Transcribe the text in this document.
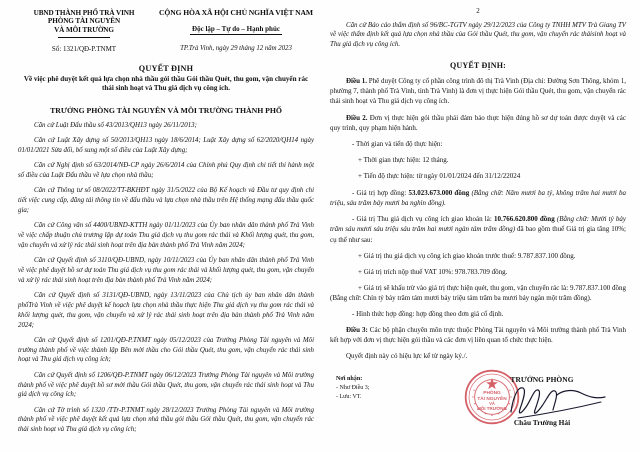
UBND THÀNH PHỐ TRÀ VINH
PHÒNG TÀI NGUYÊN
VÀ MÔI TRƯỜNG
CỘNG HÒA XÃ HỘI CHỦ NGHĨA VIỆT NAM
Độc lập – Tự do – Hạnh phúc
Số: 1321/QĐ-P.TNMT	TP.Trà Vinh, ngày 29 tháng 12 năm 2023
QUYẾT ĐỊNH
Về việc phê duyệt kết quả lựa chọn nhà thầu gói thầu Gói thầu Quét, thu gom, vận chuyển rác thải sinh hoạt và Thu giá dịch vụ công ích.
TRƯỞNG PHÒNG TÀI NGUYÊN VÀ MÔI TRƯỜNG THÀNH PHỐ
Căn cứ Luật Đấu thầu số 43/2013/QH13 ngày 26/11/2013;
Căn cứ Luật Xây dựng số 50/2013/QH13 ngày 18/6/2014; Luật Xây dựng số 62/2020/QH14 ngày 01/01/2021 Sửa đổi, bổ sung một số điều của Luật Xây dựng;
Căn cứ Nghị định số 63/2014/NĐ-CP ngày 26/6/2014 của Chính phủ Quy định chi tiết thi hành một số điều của Luật Đấu thầu về lựa chọn nhà thầu;
Căn cứ Thông tư số 08/2022/TT-BKHĐT ngày 31/5/2022 của Bộ Kế hoạch và Đầu tư quy định chi tiết việc cung cấp, đăng tải thông tin về đấu thầu và lựa chọn nhà thầu trên Hệ thống mạng đấu thầu quốc gia;
Căn cứ Công văn số 4400/UBND-KTTH ngày 01/11/2023 của Ủy ban nhân dân thành phố Trà Vinh về việc chấp thuận chủ trương lập dự toán Thu giá dịch vụ thu gom rác thải và Khối lượng quét, thu gom, vận chuyển và xử lý rác thải sinh hoạt trên địa bàn thành phố Trà Vinh năm 2024;
Căn cứ Quyết định số 3110/QĐ-UBND, ngày 10/11/2023 của Ủy ban nhân dân thành phố Trà Vinh về việc phê duyệt hồ sơ dự toán Thu giá dịch vụ thu gom rác thải và khối lượng quét, thu gom, vận chuyển và xử lý rác thải sinh hoạt trên địa bàn thành phố Trà Vinh năm 2024;
Căn cứ Quyết định số 3131/QĐ-UBND, ngày 13/11/2023 của Chủ tịch ủy ban nhân dân thành phốTrà Vinh về việc phê duyệt kế hoạch lựa chọn nhà thầu thực hiện Thu giá dịch vụ thu gom rác thải và khối lượng quét, thu gom, vận chuyển và xử lý rác thải sinh hoạt trên địa bàn thành phố Trà Vinh năm 2024;
Căn cứ Quyết định số 1201/QĐ-P.TNMT ngày 05/12/2023 của Trưởng Phòng Tài nguyên và Môi trường thành phố về việc thành lập Bên mời thầu cho Gói thầu Quét, thu gom, vận chuyển rác thải sinh hoạt và Thu giá dịch vụ công ích;
Căn cứ Quyết định số 1206/QĐ-P.TNMT ngày 06/12/2023 Trưởng Phòng Tài nguyên và Môi trường thành phố về việc phê duyệt hồ sơ mời thầu Gói thầu Quét, thu gom, vận chuyển rác thải sinh hoạt và Thu giá dịch vụ công ích;
Căn cứ Tờ trình số 1320 /TTr-P.TNMT ngày 28/12/2023 Trưởng Phòng Tài nguyên và Môi trường thành phố về việc phê duyệt kết quả lựa chọn nhà thầu gói thầu Gói thầu Quét, thu gom, vận chuyển rác thải sinh hoạt và Thu giá dịch vụ công ích;
2
Căn cứ Báo cáo thẩm định số 96/BC-TGTV ngày 29/12/2023 của Công ty TNHH MTV Trà Giang TV về việc thẩm định kết quả lựa chọn nhà thầu của Gói thầu Quét, thu gom, vận chuyển rác thảisinh hoạt và Thu giá dịch vụ công ích.
QUYẾT ĐỊNH:
Điều 1. Phê duyệt Công ty cổ phần công trình đô thị Trà Vinh (Địa chỉ: Đường Sơn Thông, khóm 1, phường 7, thành phố Trà Vinh, tỉnh Trà Vinh) là đơn vị thực hiện Gói thầu Quét, thu gom, vận chuyển rác thải sinh hoạt và Thu giá dịch vụ công ích.
Điều 2. Đơn vị thực hiện gói thầu phải đảm bảo thực hiện đúng hồ sơ dự toán được duyệt và các quy trình, quy phạm hiện hành.
- Thời gian và tiến độ thực hiện:
+ Thời gian thực hiện: 12 tháng.
+ Tiến độ thực hiện: từ ngày 01/01/2024 đến 31/12/22024
- Giá trị hợp đồng: 53.023.673.000 đồng (Bằng chữ: Năm mươi ba tỷ, không trăm hai mươi ba triệu, sáu trăm bảy mươi ba nghìn đồng).
- Giá trị Thu giá dịch vụ công ích giao khoán là: 10.766.620.800 đồng (Bằng chữ: Mười tỷ bảy trăm sáu mươi sáu triệu sáu trăm hai mươi ngàn tám trăm đồng) đã bao gồm thuế Giá trị gia tăng 10%; cụ thể như sau:
+ Giá trị thu giá dịch vụ công ích giao khoán trước thuế: 9.787.837.100 đồng.
+ Giá trị trích nộp thuế VAT 10%: 978.783.709 đồng.
+ Giá trị sẽ khấu trừ vào giá trị thực hiện quét, thu gom, vận chuyển rác là: 9.787.837.100 đồng (Bằng chữ: Chín tỷ bảy trăm tám mươi bảy triệu tám trăm ba mươi bảy ngàn một trăm đồng).
- Hình thức hợp đồng: hợp đồng theo đơn giá cố định.
Điều 3: Các bộ phận chuyên môn trực thuộc Phòng Tài nguyên và Môi trường thành phố Trà Vinh kết hợp với đơn vị thực hiện gói thầu và các đơn vị liên quan tổ chức thực hiện.
Quyết định này có hiệu lực kể từ ngày ký./.
Nơi nhận:
- Như Điều 3;
- Lưu: VT.
TRƯỞNG PHÒNG
PHÒNG
TÀI NGUYÊN
VÀ
MÔI TRƯỜNG
Châu Trường Hải
